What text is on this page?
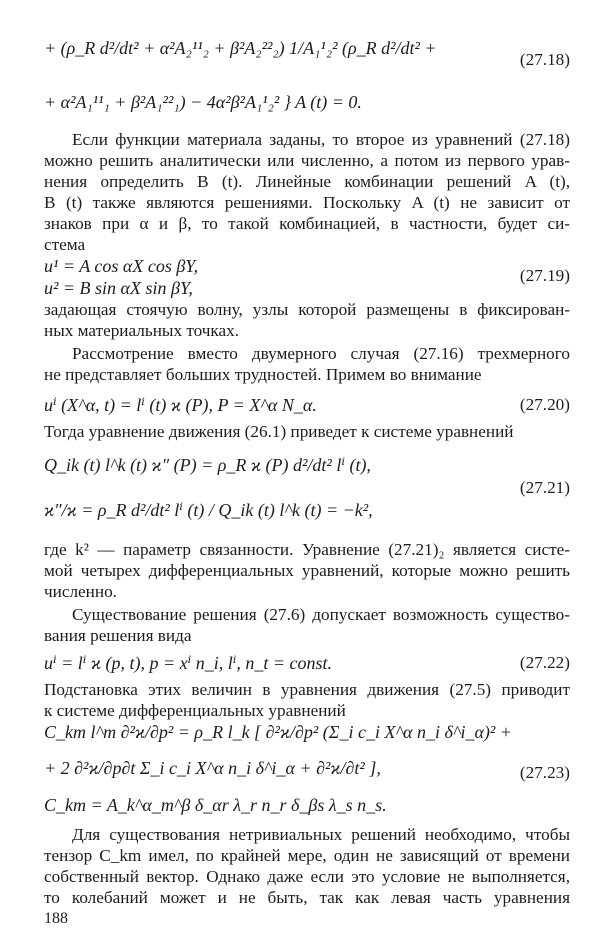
+ (ρ_R d²/dt² + α²A₂¹¹₂ + β²A₂²²₂) 1/A₁¹₂² (ρ_R d²/dt² +
(27.18)
+ α²A₁¹¹₁ + β²A₁²²₁) − 4α²β²A₁¹₂² } A (t) = 0.
Если функции материала заданы, то второе из уравнений (27.18)
можно решить аналитически или численно, а потом из первого урав-
нения определить B (t). Линейные комбинации решений A (t),
B (t) также являются решениями. Поскольку A (t) не зависит от
знаков при α и β, то такой комбинацией, в частности, будет си-
стема
u¹ = A cos αX cos βY,
u² = B sin αX sin βY,
(27.19)
задающая стоячую волну, узлы которой размещены в фиксирован-
ных материальных точках.
Рассмотрение вместо двумерного случая (27.16) трехмерного
не представляет больших трудностей. Примем во внимание
uⁱ (X^α, t) = lⁱ (t) ϰ (P), P = X^α N_α.	(27.20)
Тогда уравнение движения (26.1) приведет к системе уравнений
Q_ik (t) l^k (t) ϰ″ (P) = ρ_R ϰ (P) d²/dt² lⁱ (t),
ϰ″/ϰ = ρ_R d²/dt² lⁱ (t) / Q_ik (t) l^k (t) = −k²,
(27.21)
где k² — параметр связанности. Уравнение (27.21)₂ является систе-
мой четырех дифференциальных уравнений, которые можно решить
численно.
Существование решения (27.6) допускает возможность существо-
вания решения вида
uⁱ = lⁱ ϰ (p, t), p = xⁱ n_i, lⁱ, n_t = const.	(27.22)
Подстановка этих величин в уравнения движения (27.5) приводит
к системе дифференциальных уравнений
C_km l^m ∂²ϰ/∂p² = ρ_R l_k [ ∂²ϰ/∂p² (Σ_i c_i X^α n_i δ^i_α)² +
+ 2 ∂²ϰ/∂p∂t Σ_i c_i X^α n_i δ^i_α + ∂²ϰ/∂t² ],	(27.23)
C_km = A_k^α_m^β δ_αr λ_r n_r δ_βs λ_s n_s.
Для существования нетривиальных решений необходимо, чтобы
тензор C_km имел, по крайней мере, один не зависящий от времени
собственный вектор. Однако даже если это условие не выполняется,
то колебаний может и не быть, так как левая часть уравнения
188
